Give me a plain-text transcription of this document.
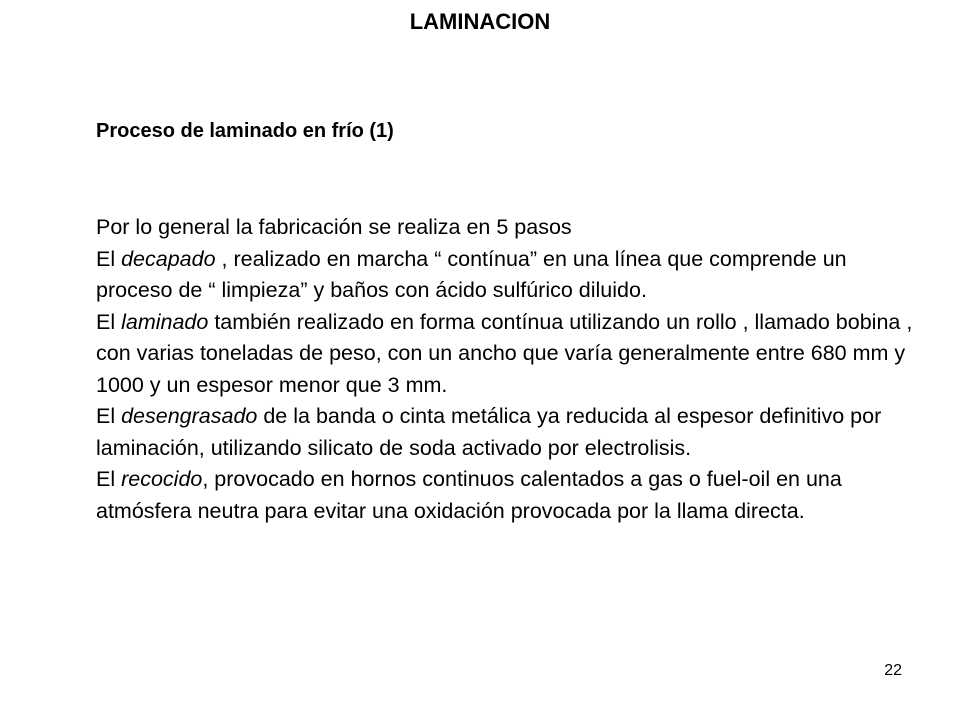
LAMINACION
Proceso de laminado en frío (1)

Por lo general la fabricación se realiza en 5 pasos

El decapado , realizado en marcha “ contínua” en una línea que comprende un proceso de “ limpieza” y baños con ácido sulfúrico diluido.

El laminado también realizado en forma contínua utilizando un rollo , llamado bobina , con varias toneladas de peso, con un ancho que varía generalmente entre 680 mm y 1000 y un espesor menor que 3 mm.

El desengrasado de la banda o cinta metálica ya reducida al espesor definitivo por laminación, utilizando silicato de soda activado por electrolisis.

El recocido, provocado en hornos continuos calentados a gas o fuel-oil en una atmósfera neutra para evitar una oxidación provocada por la llama directa.

22
